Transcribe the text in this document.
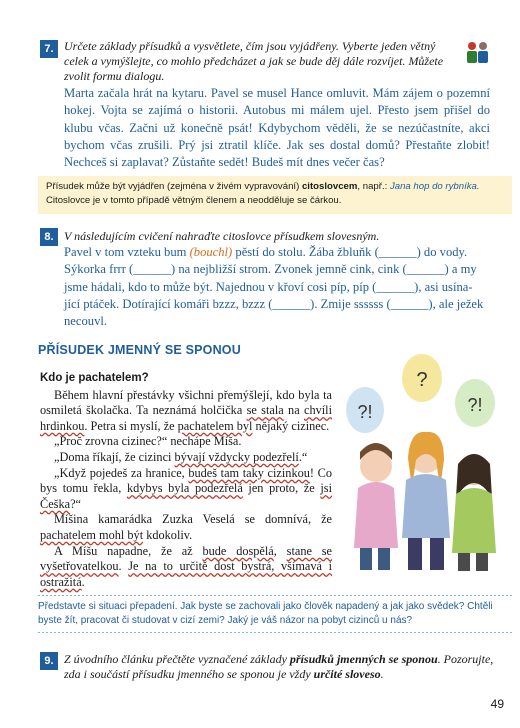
7. Určete základy přísudků a vysvětlete, čím jsou vyjádřeny. Vyberte jeden větný celek a vymýšlejte, co mohlo předcházet a jak se bude děj dále rozvíjet. Můžete zvolit formu dialogu.
Marta začala hrát na kytaru. Pavel se musel Hance omluvit. Mám zájem o pozemní hokej. Vojta se zajímá o historii. Autobus mi málem ujel. Přesto jsem přišel do klubu včas. Začni už konečně psát! Kdybychom věděli, že se nezúčastníte, akci bychom včas zrušili. Prý jsi ztratil klíče. Jak ses dostal domů? Přestaňte zlobit! Nechceš si zaplavat? Zůstaňte sedět! Budeš mít dnes večer čas?
Přísudek může být vyjádřen (zejména v živém vypravování) citoslovcem, např.: Jana hop do rybníka. Citoslovce je v tomto případě větným členem a neodděluje se čárkou.
8. V následujícím cvičení nahraďte citoslovce přísudkem slovesným.
Pavel v tom vzteku bum (bouchl) pěstí do stolu. Žába žbluňk (______) do vody.
Sýkorka frrr (______) na nejbližší strom. Zvonek jemně cink, cink (______) a my
jsme hádali, kdo to může být. Najednou v křoví cosi píp, píp (______), asi usína-
jící ptáček. Dotírající komáři bzzz, bzzz (______). Zmije ssssss (______), ale ježek
necouvl.
PŘÍSUDEK JMENNÝ SE SPONOU
Kdo je pachatelem?

Během hlavní přestávky všichni přemýšlejí, kdo byla ta osmiletá školačka. Ta neznámá holčička se stala na chvíli hrdinkou. Petra si myslí, že pachatelem byl nějaký cizinec.

„Proč zrovna cizinec?“ nechápe Míša.

„Doma říkají, že cizinci bývají vždycky podezřelí.“

„Když pojedeš za hranice, budeš tam taky cizinkou! Co bys tomu řekla, kdybys byla podezřelá jen proto, že jsi Češka?“

Míšina kamarádka Zuzka Veselá se domnívá, že pachatelem mohl být kdokoliv.

A Míšu napadne, že až bude dospělá, stane se vyšetřovatelkou. Je na to určitě dost bystrá, všímavá i ostražitá.

?
?!	?!
Představte si situaci přepadení. Jak byste se zachovali jako člověk napadený a jak jako svědek? Chtěli byste žít, pracovat či studovat v cizí zemi? Jaký je váš názor na pobyt cizinců u nás?
9. Z úvodního článku přečtěte vyznačené základy přísudků jmenných se sponou. Pozorujte, zda i součástí přísudku jmenného se sponou je vždy určité sloveso.
49
